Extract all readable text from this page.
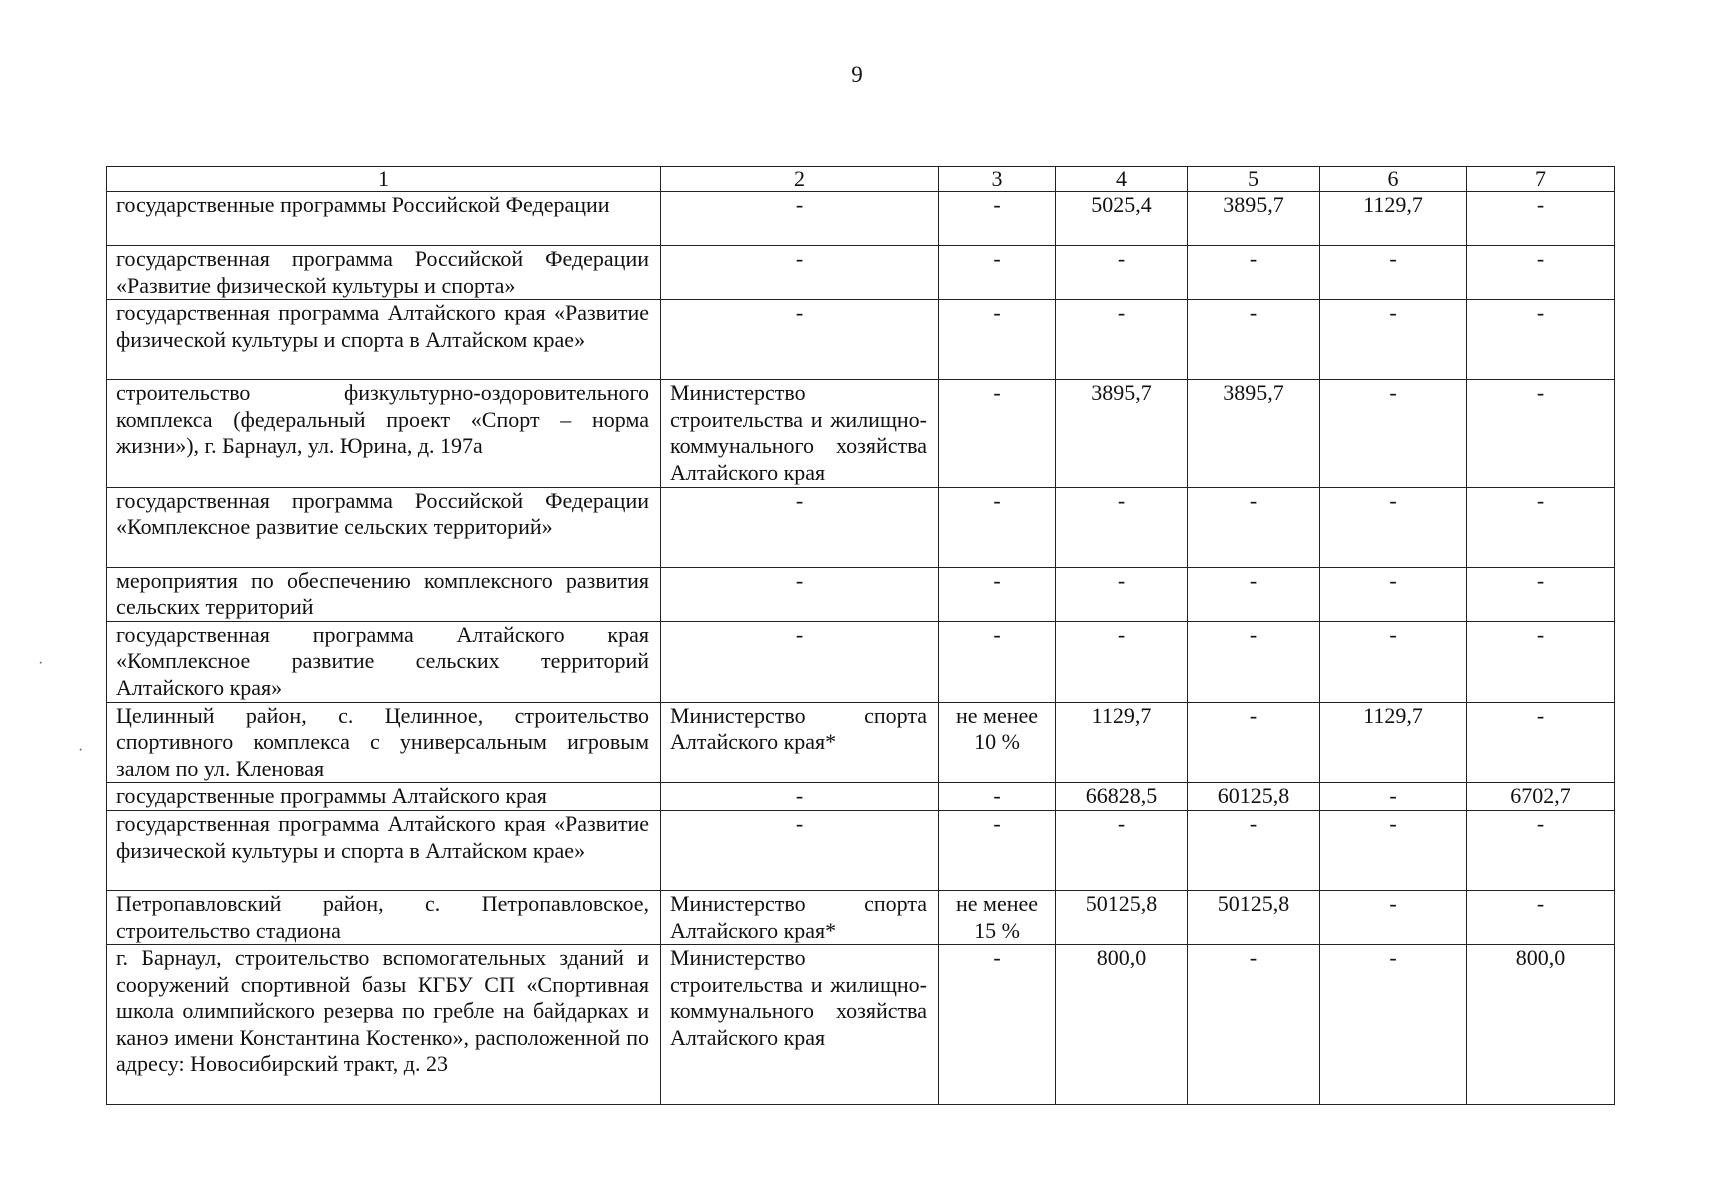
9
1	2	3	4	5	6	7
государственные программы Российской Федерации	-	-	5025,4	3895,7	1129,7	-
государственная программа Российской Федерации «Развитие физической культуры и спорта»	-	-	-	-	-	-
государственная программа Алтайского края «Развитие физической культуры и спорта в Алтайском крае»	-	-	-	-	-	-
строительство физкультурно-оздоровительного комплекса (федеральный проект «Спорт – норма жизни»), г. Барнаул, ул. Юрина, д. 197а	Министерство строительства и жилищно-коммунального хозяйства Алтайского края	-	3895,7	3895,7	-	-
государственная программа Российской Федерации «Комплексное развитие сельских территорий»	-	-	-	-	-	-
мероприятия по обеспечению комплексного развития сельских территорий	-	-	-	-	-	-
государственная программа Алтайского края «Комплексное развитие сельских территорий Алтайского края»	-	-	-	-	-	-
Целинный район, с. Целинное, строительство спортивного комплекса с универсальным игровым залом по ул. Кленовая	Министерство спорта Алтайского края*	не менее 10 %	1129,7	-	1129,7	-
государственные программы Алтайского края	-	-	66828,5	60125,8	-	6702,7
государственная программа Алтайского края «Развитие физической культуры и спорта в Алтайском крае»	-	-	-	-	-	-
Петропавловский район, с. Петропавловское, строительство стадиона	Министерство спорта Алтайского края*	не менее 15 %	50125,8	50125,8	-	-
г. Барнаул, строительство вспомогательных зданий и сооружений спортивной базы КГБУ СП «Спортивная школа олимпийского резерва по гребле на байдарках и каноэ имени Константина Костенко», расположенной по адресу: Новосибирский тракт, д. 23	Министерство строительства и жилищно-коммунального хозяйства Алтайского края	-	800,0	-	-	800,0
·
·
